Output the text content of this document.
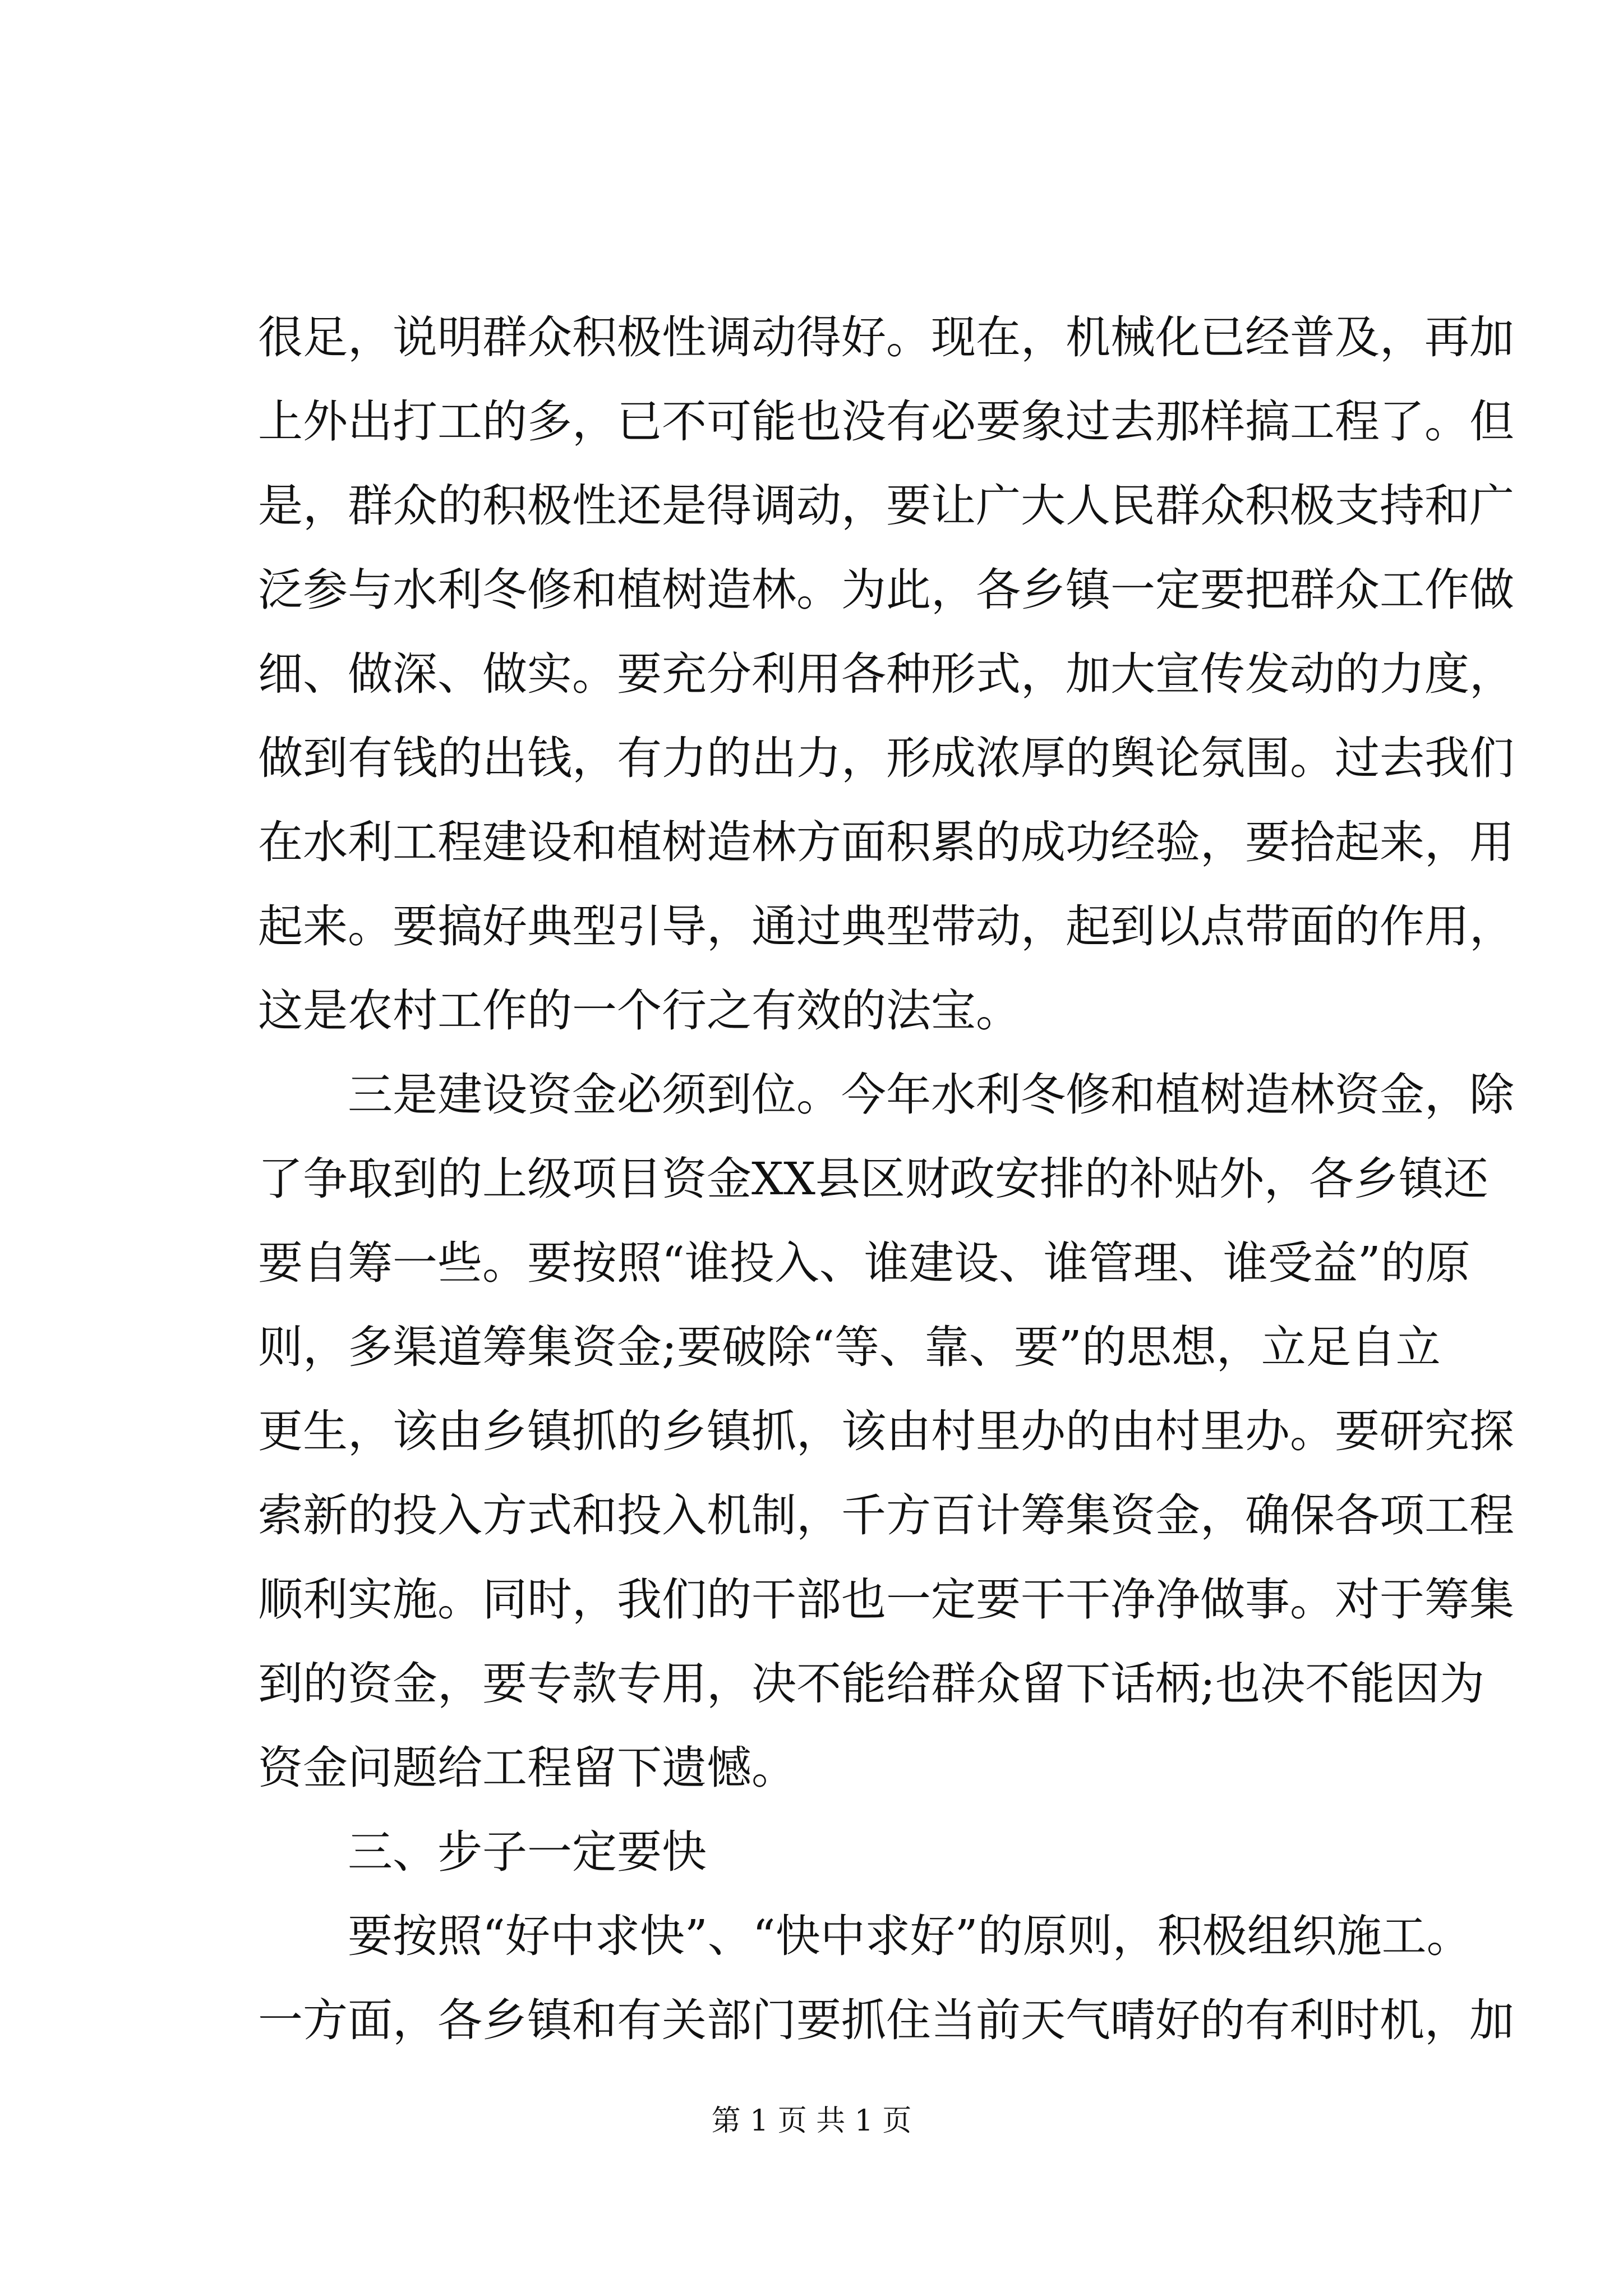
很足，说明群众积极性调动得好。现在，机械化已经普及，再加
上外出打工的多，已不可能也没有必要象过去那样搞工程了。但
是，群众的积极性还是得调动，要让广大人民群众积极支持和广
泛参与水利冬修和植树造林。为此，各乡镇一定要把群众工作做
细、做深、做实。要充分利用各种形式，加大宣传发动的力度，
做到有钱的出钱，有力的出力，形成浓厚的舆论氛围。过去我们
在水利工程建设和植树造林方面积累的成功经验，要拾起来，用
起来。要搞好典型引导，通过典型带动，起到以点带面的作用，
这是农村工作的一个行之有效的法宝。
三是建设资金必须到位。今年水利冬修和植树造林资金，除
了争取到的上级项目资金XX县区财政安排的补贴外，各乡镇还
要自筹一些。要按照“谁投入、谁建设、谁管理、谁受益”的原
则，多渠道筹集资金;要破除“等、靠、要”的思想，立足自立
更生，该由乡镇抓的乡镇抓，该由村里办的由村里办。要研究探
索新的投入方式和投入机制，千方百计筹集资金，确保各项工程
顺利实施。同时，我们的干部也一定要干干净净做事。对于筹集
到的资金，要专款专用，决不能给群众留下话柄;也决不能因为
资金问题给工程留下遗憾。
三、步子一定要快
要按照“好中求快”、“快中求好”的原则，积极组织施工。
一方面，各乡镇和有关部门要抓住当前天气晴好的有利时机，加
第 1 页 共 1 页
